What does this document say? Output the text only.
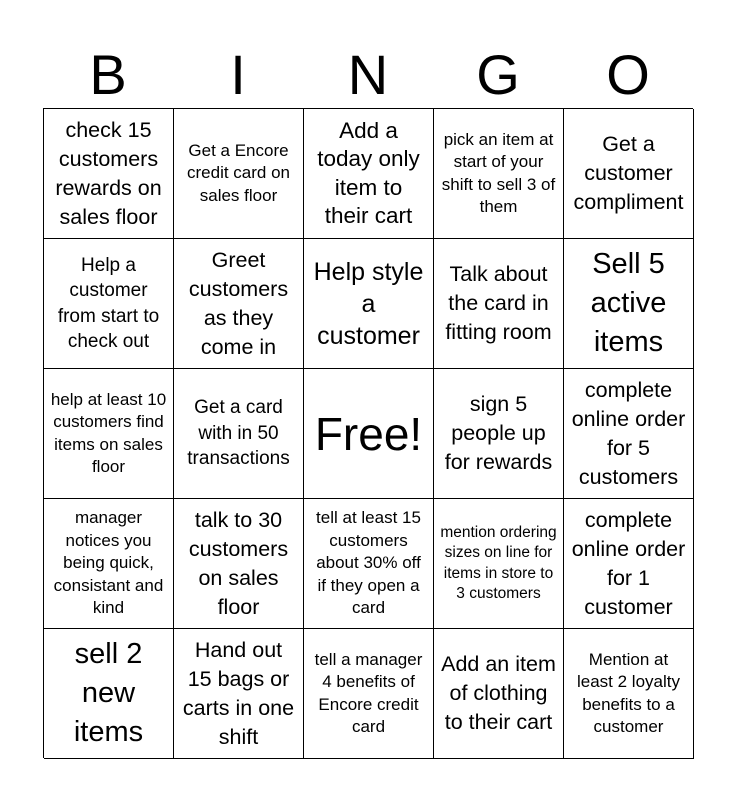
B	I	N	G	O
check 15 customers rewards on sales floor
Get a Encore credit card on sales floor
Add a today only item to their cart
pick an item at start of your shift to sell 3 of them
Get a customer compliment
Help a customer from start to check out
Greet customers as they come in
Help style a customer
Talk about the card in fitting room
Sell 5 active items
help at least 10 customers find items on sales floor
Get a card with in 50 transactions Free!
sign 5 people up for rewards
complete online order for 5 customers
manager notices you being quick, consistant and kind
talk to 30 customers on sales floor
tell at least 15 customers about 30% off if they open a card
mention ordering sizes on line for items in store to 3 customers
complete online order for 1 customer
sell 2 new items
Hand out 15 bags or carts in one shift
tell a manager 4 benefits of Encore credit card
Add an item of clothing to their cart
Mention at least 2 loyalty benefits to a customer
